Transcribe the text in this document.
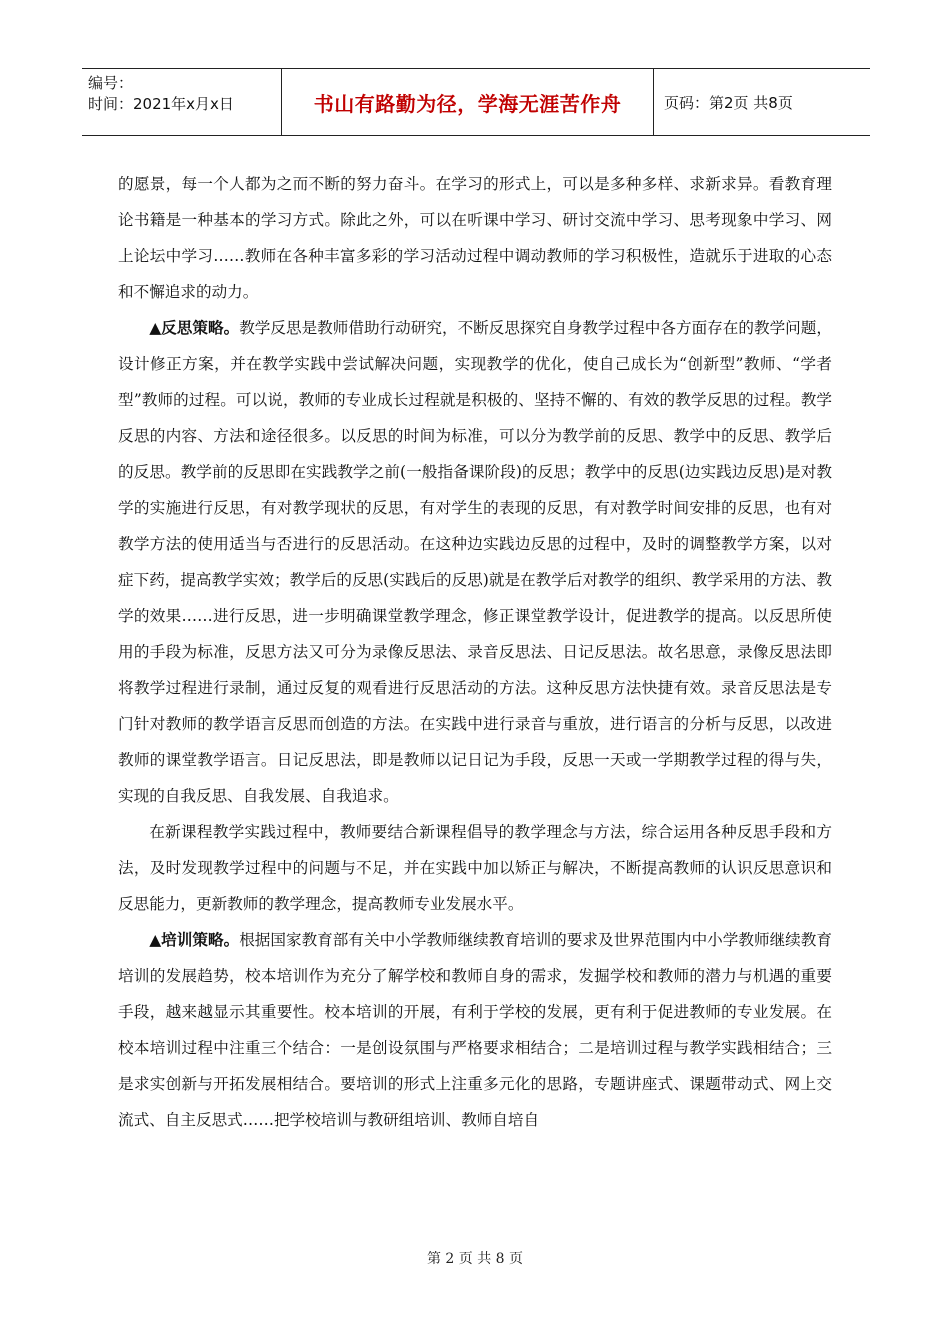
编号：
时间：2021年x月x日	书山有路勤为径，学海无涯苦作舟	页码：第2页 共8页

的愿景，每一个人都为之而不断的努力奋斗。在学习的形式上，可以是多种多样、求新求异。看教育理论书籍是一种基本的学习方式。除此之外，可以在听课中学习、研讨交流中学习、思考现象中学习、网上论坛中学习……教师在各种丰富多彩的学习活动过程中调动教师的学习积极性，造就乐于进取的心态和不懈追求的动力。

▲反思策略。教学反思是教师借助行动研究，不断反思探究自身教学过程中各方面存在的教学问题，设计修正方案，并在教学实践中尝试解决问题，实现教学的优化，使自己成长为“创新型”教师、“学者型”教师的过程。可以说，教师的专业成长过程就是积极的、坚持不懈的、有效的教学反思的过程。教学反思的内容、方法和途径很多。以反思的时间为标准，可以分为教学前的反思、教学中的反思、教学后的反思。教学前的反思即在实践教学之前(一般指备课阶段)的反思；教学中的反思(边实践边反思)是对教学的实施进行反思，有对教学现状的反思，有对学生的表现的反思，有对教学时间安排的反思，也有对教学方法的使用适当与否进行的反思活动。在这种边实践边反思的过程中，及时的调整教学方案，以对症下药，提高教学实效；教学后的反思(实践后的反思)就是在教学后对教学的组织、教学采用的方法、教学的效果……进行反思，进一步明确课堂教学理念，修正课堂教学设计，促进教学的提高。以反思所使用的手段为标准，反思方法又可分为录像反思法、录音反思法、日记反思法。故名思意，录像反思法即将教学过程进行录制，通过反复的观看进行反思活动的方法。这种反思方法快捷有效。录音反思法是专门针对教师的教学语言反思而创造的方法。在实践中进行录音与重放，进行语言的分析与反思，以改进教师的课堂教学语言。日记反思法，即是教师以记日记为手段，反思一天或一学期教学过程的得与失，实现的自我反思、自我发展、自我追求。

在新课程教学实践过程中，教师要结合新课程倡导的教学理念与方法，综合运用各种反思手段和方法，及时发现教学过程中的问题与不足，并在实践中加以矫正与解决，不断提高教师的认识反思意识和反思能力，更新教师的教学理念，提高教师专业发展水平。

▲培训策略。根据国家教育部有关中小学教师继续教育培训的要求及世界范围内中小学教师继续教育培训的发展趋势，校本培训作为充分了解学校和教师自身的需求，发掘学校和教师的潜力与机遇的重要手段，越来越显示其重要性。校本培训的开展，有利于学校的发展，更有利于促进教师的专业发展。在校本培训过程中注重三个结合：一是创设氛围与严格要求相结合；二是培训过程与教学实践相结合；三是求实创新与开拓发展相结合。要培训的形式上注重多元化的思路，专题讲座式、课题带动式、网上交流式、自主反思式……把学校培训与教研组培训、教师自培自

第 2 页 共 8 页
